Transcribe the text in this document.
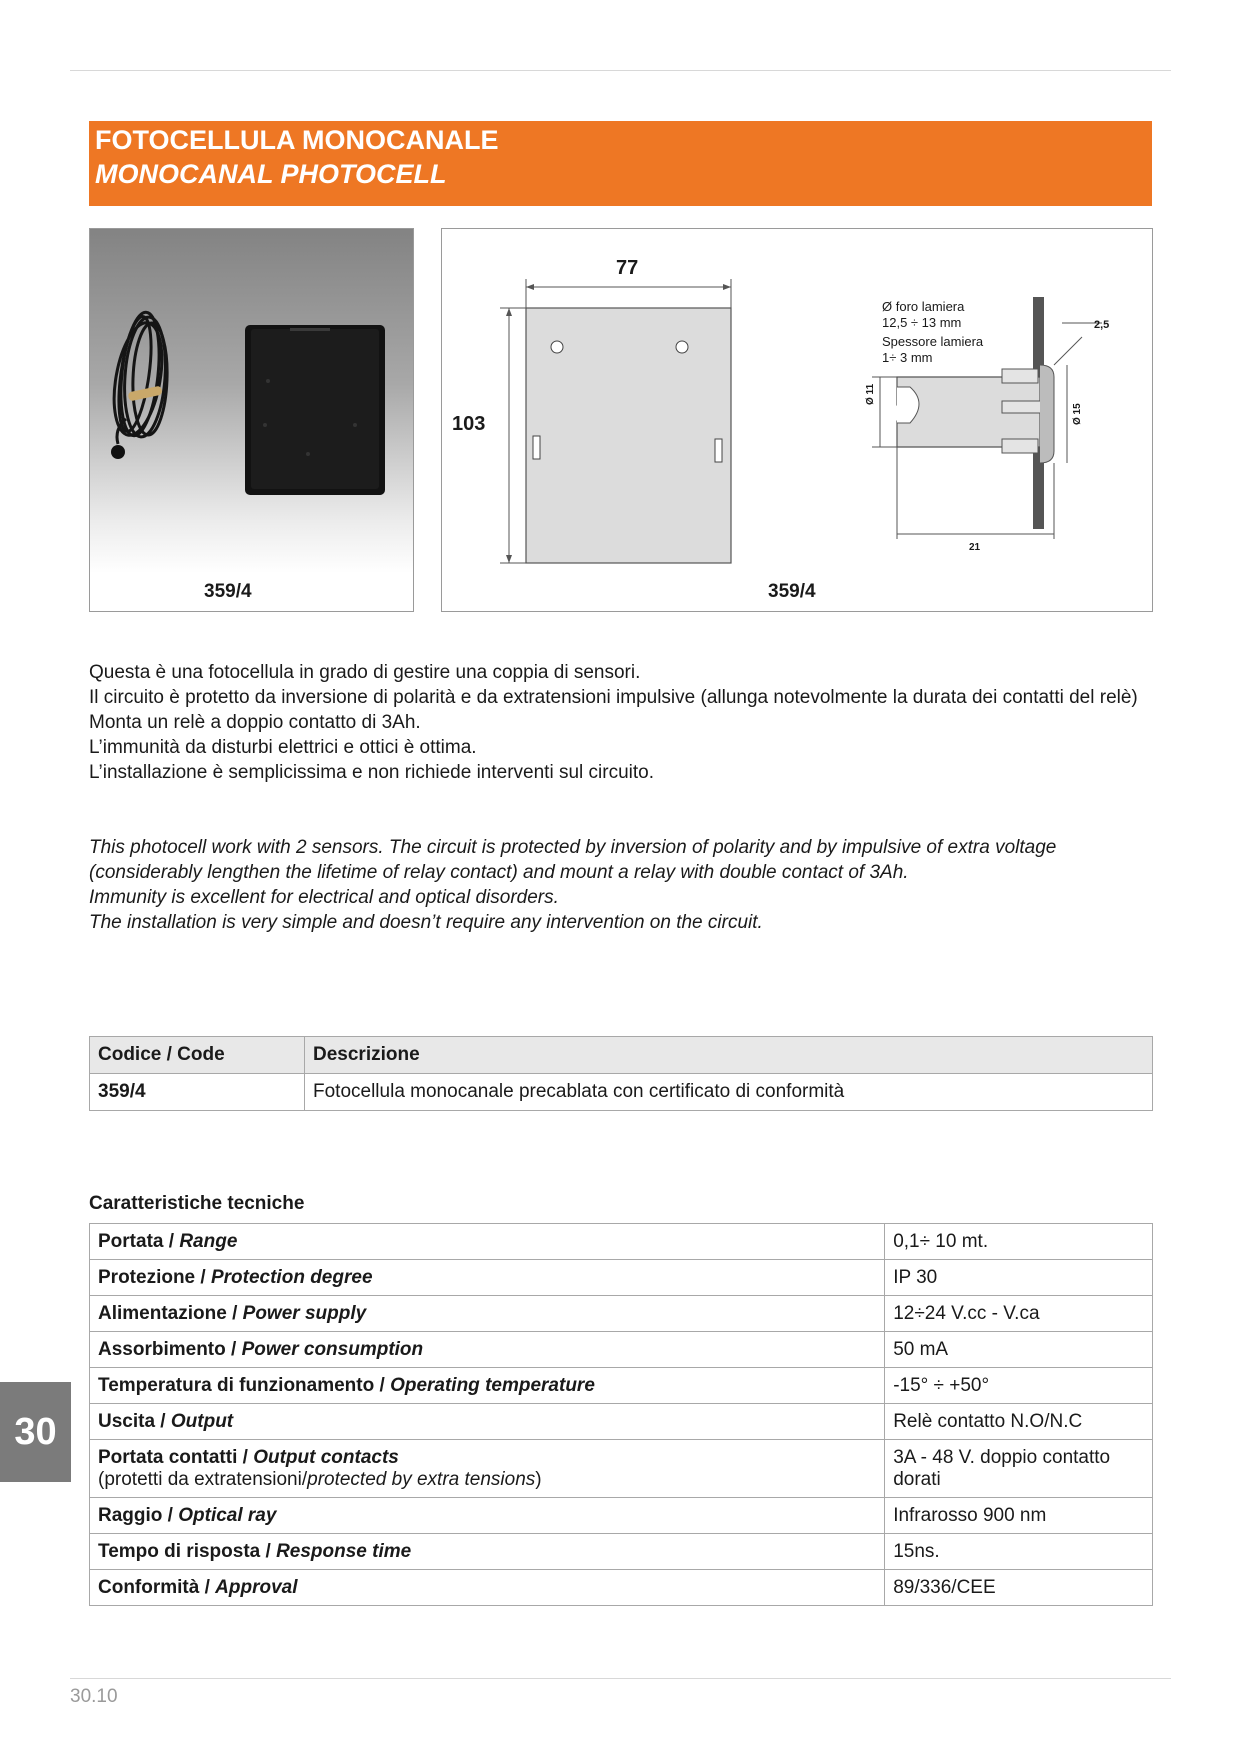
FOTOCELLULA MONOCANALE
MONOCANAL PHOTOCELL
359/4
77
103
Ø foro lamiera
12,5 ÷ 13 mm
Spessore lamiera
1÷ 3 mm
2,5
Ø 11
Ø 15
21
359/4

Questa è una fotocellula in grado di gestire una coppia di sensori.

Il circuito è protetto da inversione di polarità e da extratensioni impulsive (allunga notevolmente la durata dei contatti del relè)

Monta un relè a doppio contatto di 3Ah.

L’immunità da disturbi elettrici e ottici è ottima.

L’installazione è semplicissima e non richiede interventi sul circuito.

This photocell work with 2 sensors. The circuit is protected by inversion of polarity and by impulsive of extra voltage (considerably lengthen the lifetime of relay contact) and mount a relay with double contact of 3Ah.

Immunity is excellent for electrical and optical disorders.

The installation is very simple and doesn’t require any intervention on the circuit.

Codice / Code	Descrizione
359/4	Fotocellula monocanale precablata con certificato di conformità
Caratteristiche tecniche
Portata / Range	0,1÷ 10 mt.
Protezione / Protection degree	IP 30
Alimentazione / Power supply	12÷24 V.cc - V.ca
Assorbimento / Power consumption	50 mA
Temperatura di funzionamento / Operating temperature	-15° ÷ +50°
Uscita / Output	Relè contatto N.O/N.C
Portata contatti / Output contacts
(protetti da extratensioni/protected by extra tensions)	3A - 48 V. doppio contatto dorati
Raggio / Optical ray	Infrarosso 900 nm
Tempo di risposta / Response time	15ns.
Conformità / Approval	89/336/CEE
30
30.10
